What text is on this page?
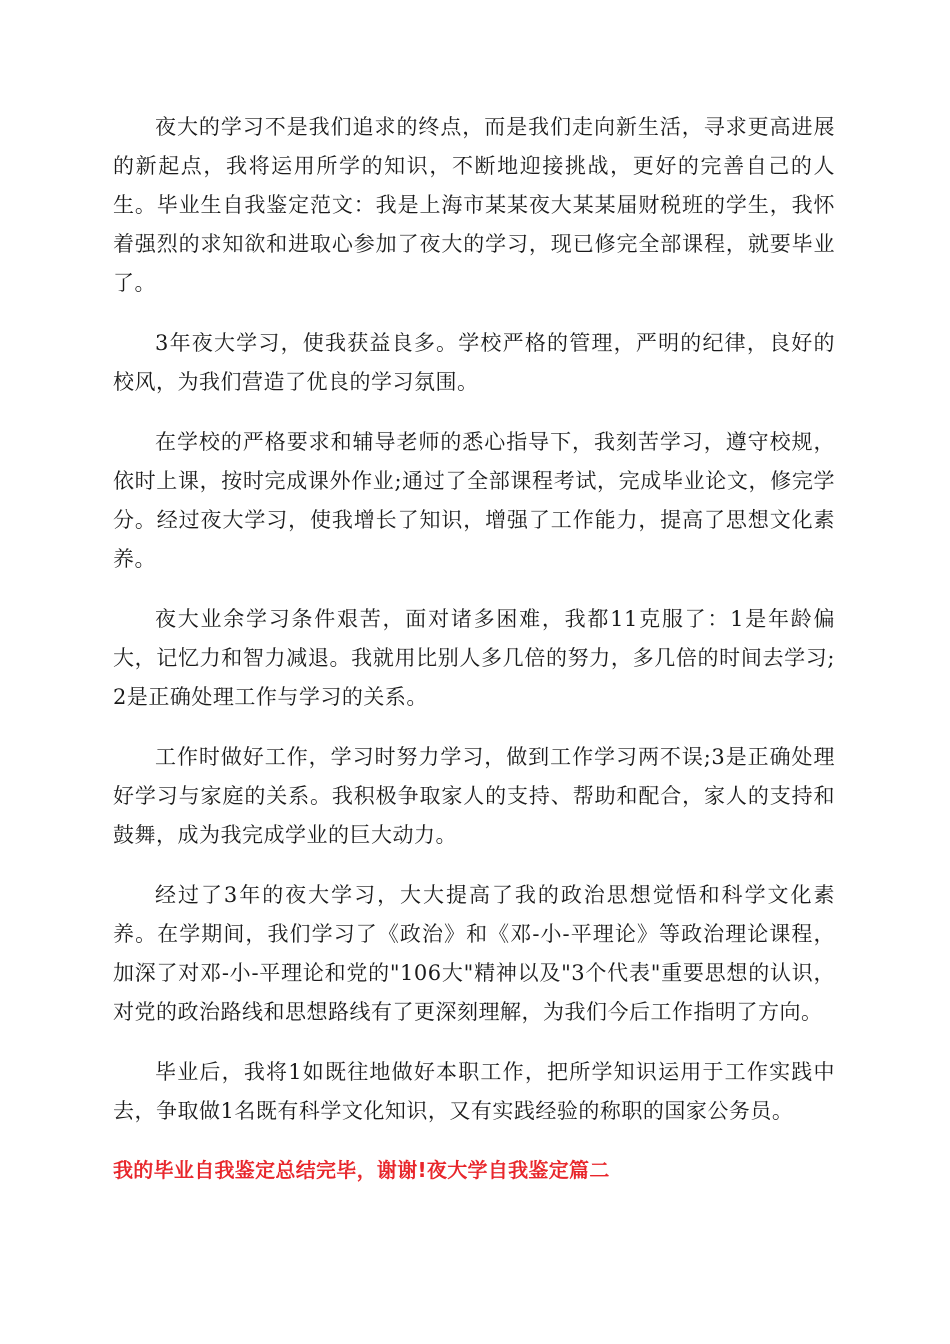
夜大的学习不是我们追求的终点，而是我们走向新生活，寻求更高进展的新起点，我将运用所学的知识，不断地迎接挑战，更好的完善自己的人生。毕业生自我鉴定范文：我是上海市某某夜大某某届财税班的学生，我怀着强烈的求知欲和进取心参加了夜大的学习，现已修完全部课程，就要毕业了。

3年夜大学习，使我获益良多。学校严格的管理，严明的纪律，良好的校风，为我们营造了优良的学习氛围。

在学校的严格要求和辅导老师的悉心指导下，我刻苦学习，遵守校规，依时上课，按时完成课外作业;通过了全部课程考试，完成毕业论文，修完学分。经过夜大学习，使我增长了知识，增强了工作能力，提高了思想文化素养。

夜大业余学习条件艰苦，面对诸多困难，我都11克服了：1是年龄偏大，记忆力和智力减退。我就用比别人多几倍的努力，多几倍的时间去学习;2是正确处理工作与学习的关系。

工作时做好工作，学习时努力学习，做到工作学习两不误;3是正确处理好学习与家庭的关系。我积极争取家人的支持、帮助和配合，家人的支持和鼓舞，成为我完成学业的巨大动力。

经过了3年的夜大学习，大大提高了我的政治思想觉悟和科学文化素养。在学期间，我们学习了《政治》和《邓-小-平理论》等政治理论课程，加深了对邓-小-平理论和党的"106大"精神以及"3个代表"重要思想的认识，对党的政治路线和思想路线有了更深刻理解，为我们今后工作指明了方向。

毕业后，我将1如既往地做好本职工作，把所学知识运用于工作实践中去，争取做1名既有科学文化知识，又有实践经验的称职的国家公务员。

我的毕业自我鉴定总结完毕，谢谢!夜大学自我鉴定篇二
